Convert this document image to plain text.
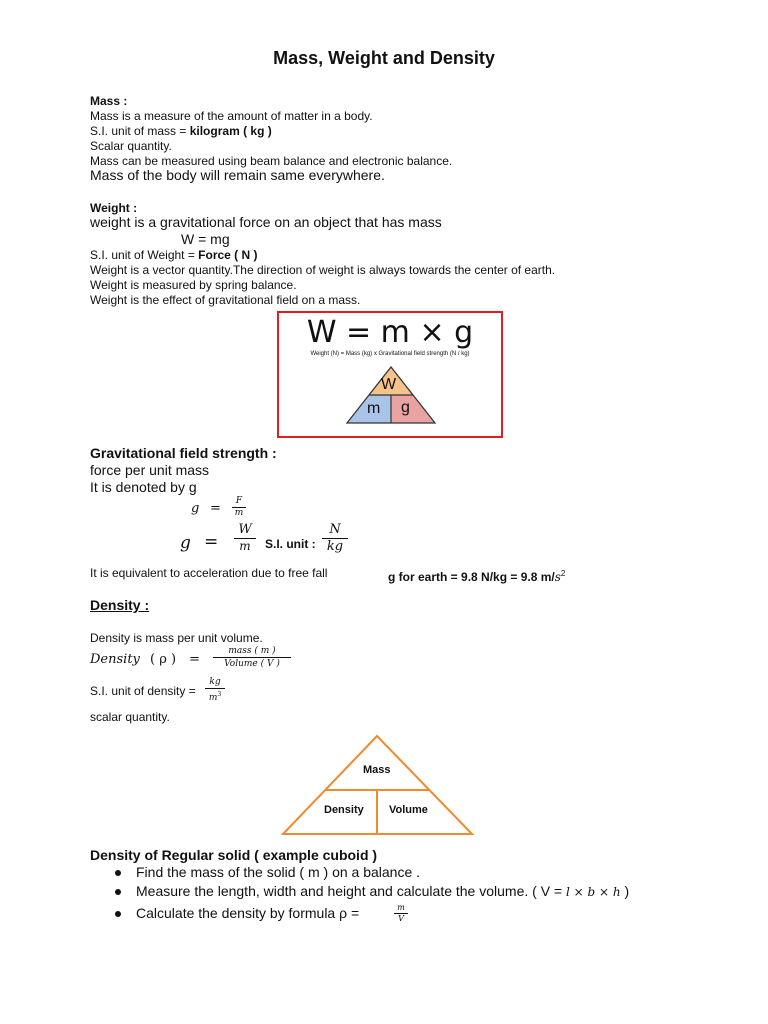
Mass, Weight and Density
Mass :
Mass is a measure of the amount of matter in a body.
S.I. unit of mass = kilogram ( kg )
Scalar quantity.
Mass can be measured using beam balance and electronic balance.
Mass of the body will remain same everywhere.
Weight :
weight is a gravitational force on an object that has mass
W = mg
S.I. unit of Weight = Force ( N )
Weight is a vector quantity.The direction of weight is always towards the center of earth.
Weight is measured by spring balance.
Weight is the effect of gravitational field on a mass.
W = m × g
Weight (N) = Mass (kg) x Gravitational field strength (N / kg)
W
m g
Gravitational field strength :
force per unit mass
It is denoted by g
g = F
m
g =
W
m S.I. unit :
N
kg
It is equivalent to acceleration due to free fall	g for earth = 9.8 N/kg = 9.8 $m/s^2$
Density :
Density is mass per unit volume.
Density ( ρ ) =
mass ( m )
Volume ( V )
S.I. unit of density =
kg
$m^3$
scalar quantity.
Mass
Density Volume
Density of Regular solid ( example cuboid )
Find the mass of the solid ( m ) on a balance .
Measure the length, width and height and calculate the volume. ( V = l × b × h )
Calculate the density by formula ρ =	m
V
